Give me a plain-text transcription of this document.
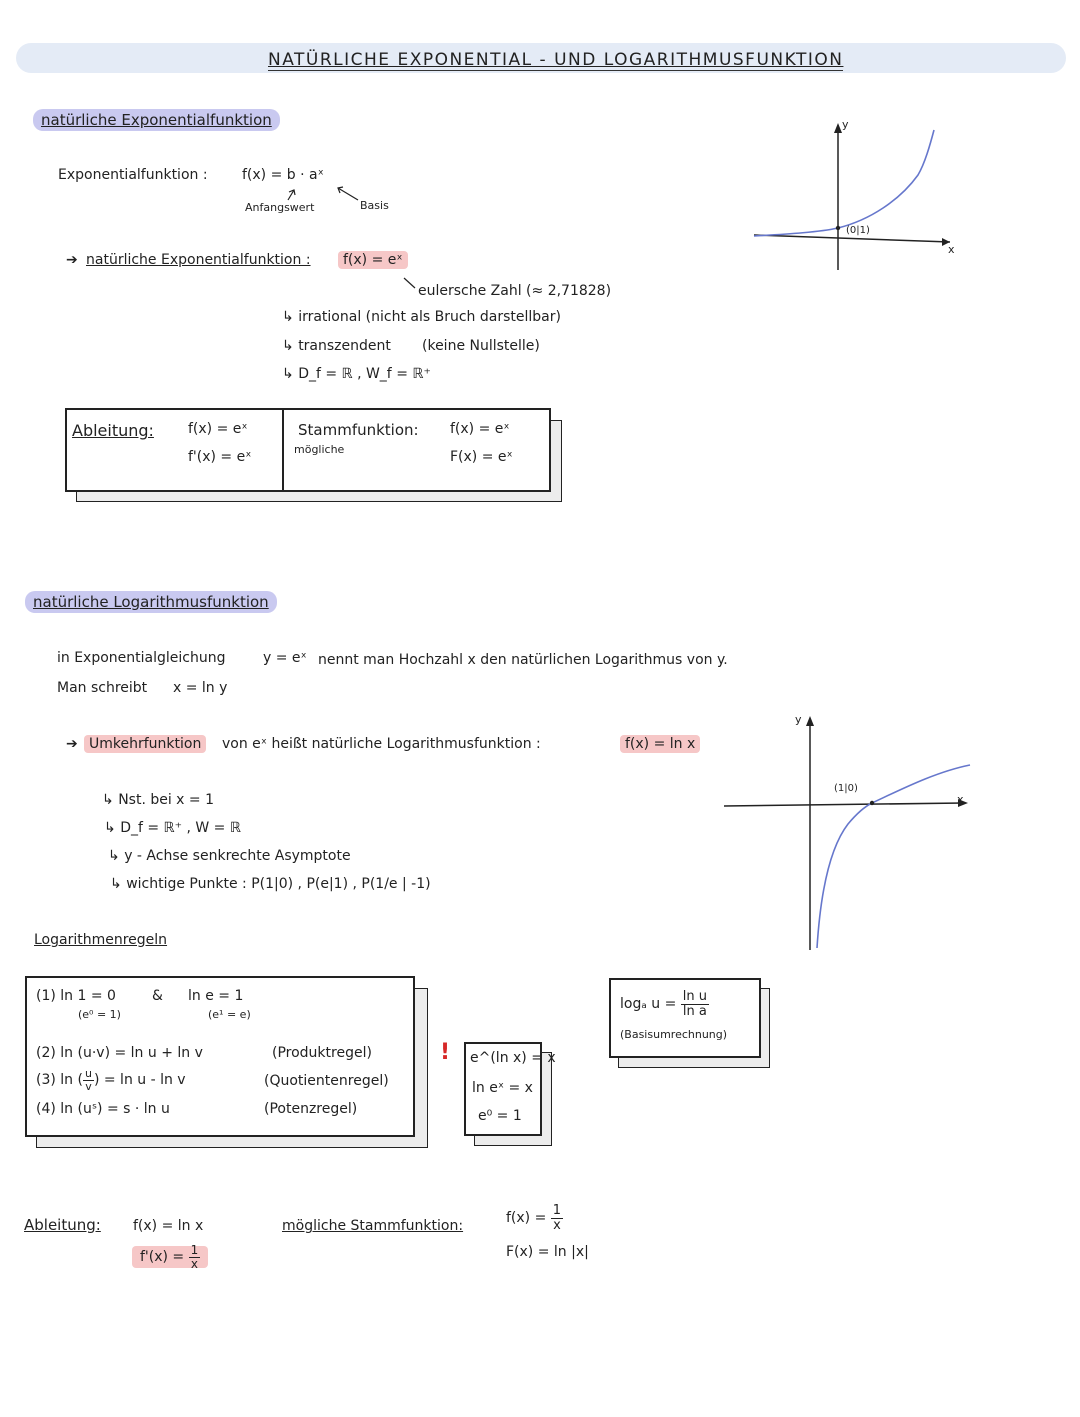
NATÜRLICHE EXPONENTIAL - UND LOGARITHMUSFUNKTION
natürliche Exponentialfunktion
Exponentialfunktion : f(x) = b · aˣ
Anfangswert	Basis
➔ natürliche Exponentialfunktion :	f(x) = eˣ
eulersche Zahl (≈ 2,71828)
↳ irrational (nicht als Bruch darstellbar)
↳ transzendent (keine Nullstelle)
↳ D_f = ℝ , W_f = ℝ⁺
Ableitung: f(x) = eˣ
f'(x) = eˣ
Stammfunktion:
mögliche
f(x) = eˣ
F(x) = eˣ
y
x
(0|1)
natürliche Logarithmusfunktion
in Exponentialgleichung	y = eˣ nennt man Hochzahl x den natürlichen Logarithmus von y.
Man schreibt x = ln y
➔ Umkehrfunktion	von eˣ heißt natürliche Logarithmusfunktion :	f(x) = ln x
↳ Nst. bei x = 1
↳ D_f = ℝ⁺ , W = ℝ
↳ y - Achse senkrechte Asymptote
↳ wichtige Punkte : P(1|0) , P(e|1) , P(1/e | -1)
y
x
(1|0)
Logarithmenregeln
(1) ln 1 = 0	& ln e = 1
(e⁰ = 1)	(e¹ = e)
(2) ln (u·v) = ln u + ln v	(Produktregel)
(3) ln ( $\frac{u}{v}$ ) = ln u - ln v	(Quotientenregel)
(4) ln (uˢ) = s · ln u	(Potenzregel)
! e^(ln x) = x
ln eˣ = x
e⁰ = 1
logₐ $u = \frac{\text{ln u}}{\text{ln a}}$
(Basisumrechnung)
Ableitung: f(x) = ln x
$f'(x) = \frac{1}{x}$
mögliche Stammfunktion:	$f(x) = \frac{1}{x}$
F(x) = ln |x|
